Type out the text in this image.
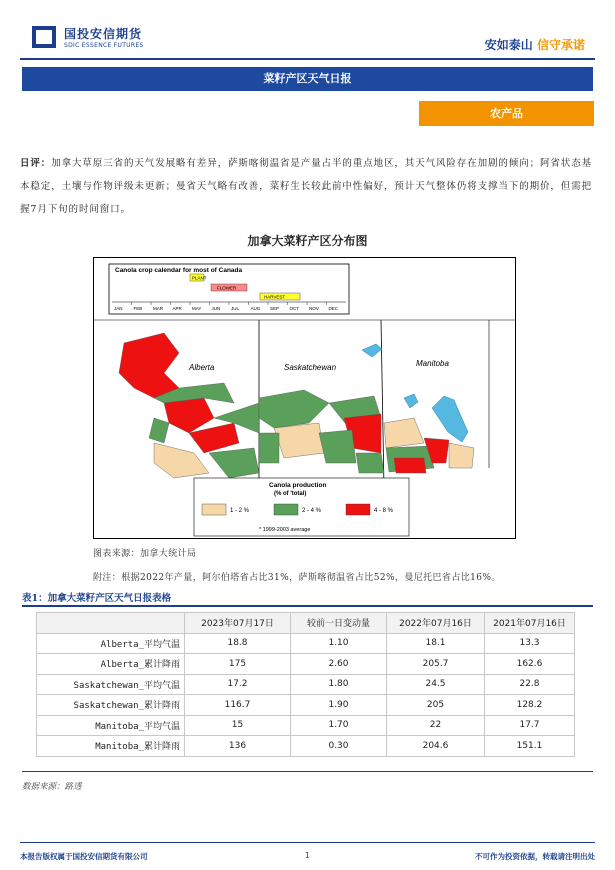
国投安信期货
SDIC ESSENCE FUTURES	安如泰山 信守承诺
菜籽产区天气日报
农产品
日评：加拿大草原三省的天气发展略有差异，萨斯喀彻温省是产量占半的重点地区，其天气风险存在加剧的倾向；阿省状态基本稳定，土壤与作物评级未更新；曼省天气略有改善，菜籽生长较此前中性偏好，预计天气整体仍将支撑当下的期价，但需把握7月下旬的时间窗口。
加拿大菜籽产区分布图
Canola crop calendar for most of Canada
JAN FEB MAR APR MAY JUN JUL	AUG SEP OCT NOV DEC
PLANT
FLOWER
HARVEST
Alberta	Saskatchewan	Manitoba
Canola production
(% of 'total)
1 - 2 %	2 - 4 %	4 - 8 %
* 1999-2003 average
图表来源：加拿大统计局
附注：根据2022年产量，阿尔伯塔省占比31%，萨斯喀彻温省占比52%，曼尼托巴省占比16%。
表1：加拿大菜籽产区天气日报表格
	2023年07月17日	较前一日变动量	2022年07月16日	2021年07月16日
Alberta_平均气温	18.8	1.10	18.1	13.3
Alberta_累计降雨	175	2.60	205.7	162.6
Saskatchewan_平均气温	17.2	1.80	24.5	22.8
Saskatchewan_累计降雨	116.7	1.90	205	128.2
Manitoba_平均气温	15	1.70	22	17.7
Manitoba_累计降雨	136	0.30	204.6	151.1
数据来源：路透
本报告版权属于国投安信期货有限公司	1	不可作为投资依据，转载请注明出处
